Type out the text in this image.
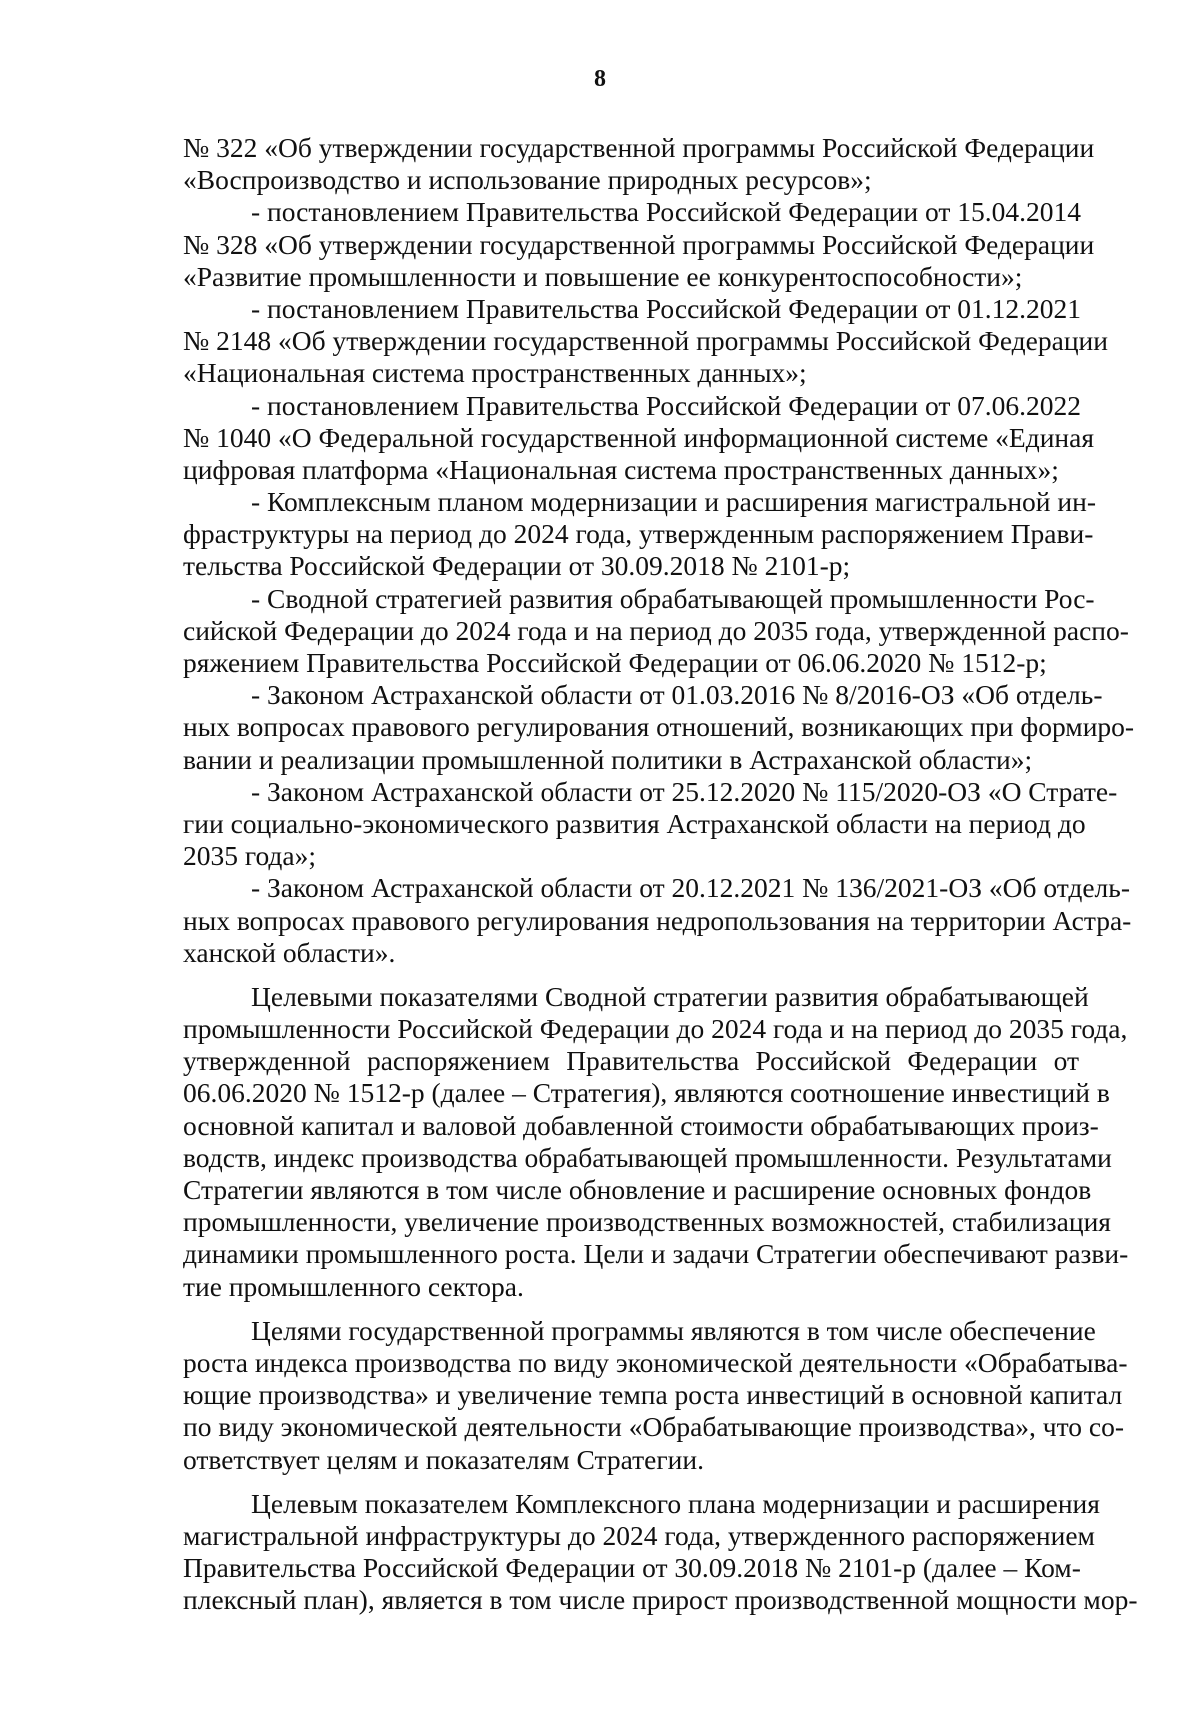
8
№ 322 «Об утверждении государственной программы Российской Федерации
«Воспроизводство и использование природных ресурсов»;
- постановлением Правительства Российской Федерации от 15.04.2014
№ 328 «Об утверждении государственной программы Российской Федерации
«Развитие промышленности и повышение ее конкурентоспособности»;
- постановлением Правительства Российской Федерации от 01.12.2021
№ 2148 «Об утверждении государственной программы Российской Федерации
«Национальная система пространственных данных»;
- постановлением Правительства Российской Федерации от 07.06.2022
№ 1040 «О Федеральной государственной информационной системе «Единая
цифровая платформа «Национальная система пространственных данных»;
- Комплексным планом модернизации и расширения магистральной ин-
фраструктуры на период до 2024 года, утвержденным распоряжением Прави-
тельства Российской Федерации от 30.09.2018 № 2101-р;
- Сводной стратегией развития обрабатывающей промышленности Рос-
сийской Федерации до 2024 года и на период до 2035 года, утвержденной распо-
ряжением Правительства Российской Федерации от 06.06.2020 № 1512-р;
- Законом Астраханской области от 01.03.2016 № 8/2016-ОЗ «Об отдель-
ных вопросах правового регулирования отношений, возникающих при формиро-
вании и реализации промышленной политики в Астраханской области»;
- Законом Астраханской области от 25.12.2020 № 115/2020-ОЗ «О Страте-
гии социально-экономического развития Астраханской области на период до
2035 года»;
- Законом Астраханской области от 20.12.2021 № 136/2021-ОЗ «Об отдель-
ных вопросах правового регулирования недропользования на территории Астра-
ханской области».
Целевыми показателями Сводной стратегии развития обрабатывающей
промышленности Российской Федерации до 2024 года и на период до 2035 года,
утвержденной распоряжением Правительства Российской Федерации от
06.06.2020 № 1512-р (далее – Стратегия), являются соотношение инвестиций в
основной капитал и валовой добавленной стоимости обрабатывающих произ-
водств, индекс производства обрабатывающей промышленности. Результатами
Стратегии являются в том числе обновление и расширение основных фондов
промышленности, увеличение производственных возможностей, стабилизация
динамики промышленного роста. Цели и задачи Стратегии обеспечивают разви-
тие промышленного сектора.
Целями государственной программы являются в том числе обеспечение
роста индекса производства по виду экономической деятельности «Обрабатыва-
ющие производства» и увеличение темпа роста инвестиций в основной капитал
по виду экономической деятельности «Обрабатывающие производства», что со-
ответствует целям и показателям Стратегии.
Целевым показателем Комплексного плана модернизации и расширения
магистральной инфраструктуры до 2024 года, утвержденного распоряжением
Правительства Российской Федерации от 30.09.2018 № 2101-р (далее – Ком-
плексный план), является в том числе прирост производственной мощности мор-
